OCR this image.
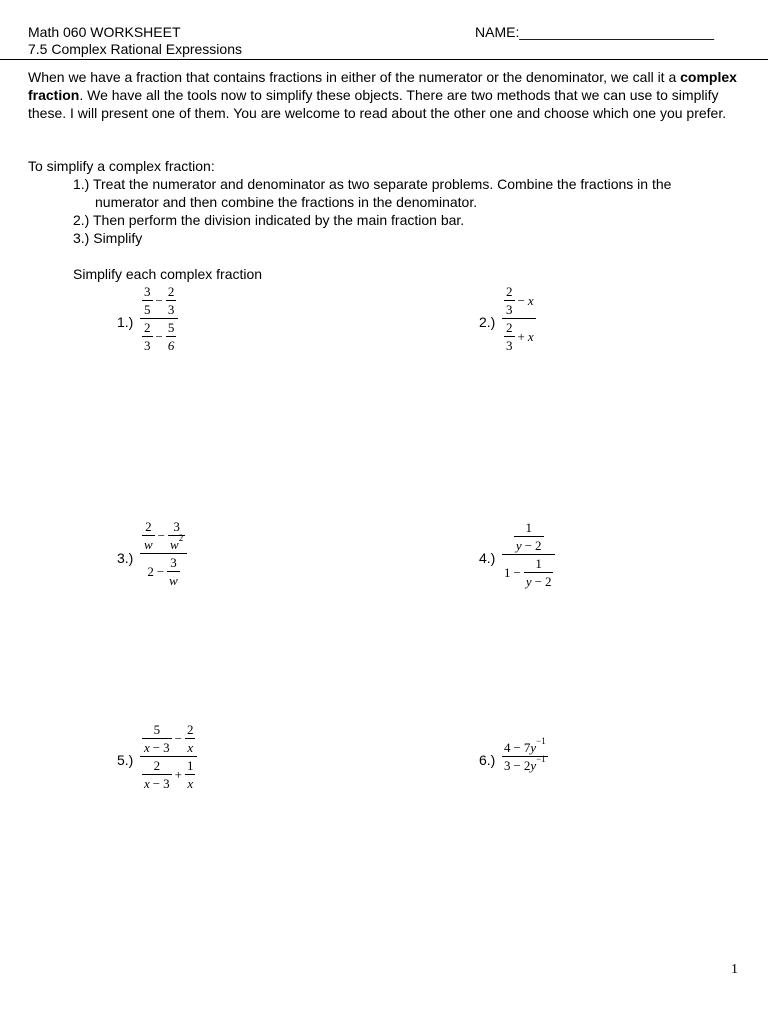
Math 060 WORKSHEET
7.5 Complex Rational Expressions
NAME:_________________________
When we have a fraction that contains fractions in either of the numerator or the denominator, we call it a complex fraction. We have all the tools now to simplify these objects. There are two methods that we can use to simplify these. I will present one of them. You are welcome to read about the other one and choose which one you prefer.
To simplify a complex fraction:
1.) Treat the numerator and denominator as two separate problems. Combine the fractions in the
numerator and then combine the fractions in the denominator.
2.) Then perform the division indicated by the main fraction bar.
3.) Simplify
Simplify each complex fraction
$1.) \frac{\frac{3}{5} - \frac{2}{3}}{\frac{2}{3} - \frac{5}{6}}$	$2.) \frac{\frac{2}{3} - x}{\frac{2}{3} + x}$
$3.) \frac{\frac{2}{w} - \frac{3}{w 2}}{2 - \frac{3}{w}}$	$4.) \frac{\frac{1}{y - 2}}{1 - \frac{1}{y - 2}}$
$5.) \frac{\frac{5}{x - 3} - \frac{2}{x}}{\frac{2}{x - 3} + \frac{1}{x}}$	$6.) \frac{4 - 7 y -1}{3 - 2 y -1}$
1
